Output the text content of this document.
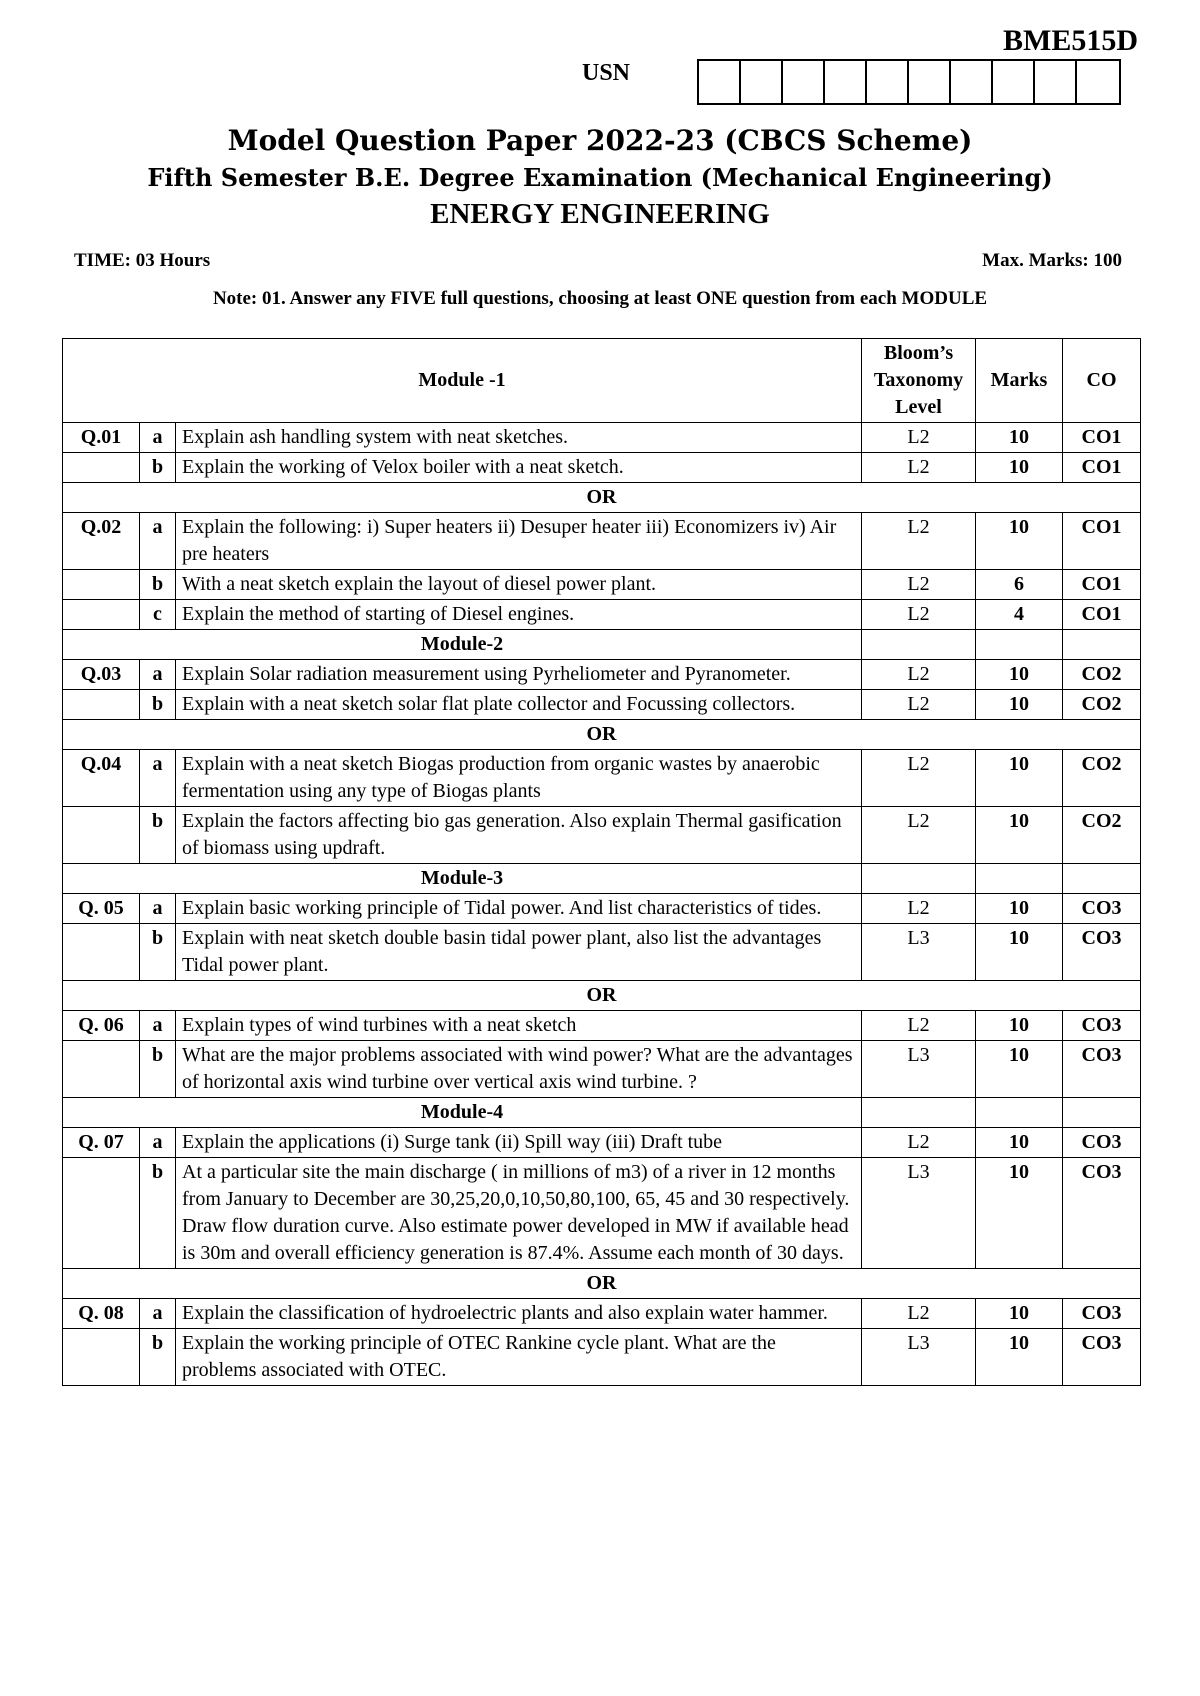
BME515D
USN
Model Question Paper 2022-23 (CBCS Scheme)
Fifth Semester B.E. Degree Examination (Mechanical Engineering)
ENERGY ENGINEERING
TIME: 03 Hours	Max. Marks: 100
Note: 01. Answer any FIVE full questions, choosing at least ONE question from each MODULE
Module -1			Bloom’s Taxonomy Level	Marks	CO
Q.01	a	Explain ash handling system with neat sketches.	L2	10	CO1
	b	Explain the working of Velox boiler with a neat sketch.	L2	10	CO1
OR					
Q.02	a	Explain the following: i) Super heaters ii) Desuper heater iii) Economizers iv) Air pre heaters	L2	10	CO1
	b	With a neat sketch explain the layout of diesel power plant.	L2	6	CO1
	c	Explain the method of starting of Diesel engines.	L2	4	CO1
Module-2					
Q.03	a	Explain Solar radiation measurement using Pyrheliometer and Pyranometer.	L2	10	CO2
	b	Explain with a neat sketch solar flat plate collector and Focussing collectors.	L2	10	CO2
OR					
Q.04	a	Explain with a neat sketch Biogas production from organic wastes by anaerobic fermentation using any type of Biogas plants	L2	10	CO2
	b	Explain the factors affecting bio gas generation. Also explain Thermal gasification of biomass using updraft.	L2	10	CO2
Module-3					
Q. 05	a	Explain basic working principle of Tidal power. And list characteristics of tides.	L2	10	CO3
	b	Explain with neat sketch double basin tidal power plant, also list the advantages Tidal power plant.	L3	10	CO3
OR					
Q. 06	a	Explain types of wind turbines with a neat sketch	L2	10	CO3
	b	What are the major problems associated with wind power? What are the advantages of horizontal axis wind turbine over vertical axis wind turbine. ?	L3	10	CO3
Module-4					
Q. 07	a	Explain the applications (i) Surge tank (ii) Spill way (iii) Draft tube	L2	10	CO3
	b	At a particular site the main discharge ( in millions of m3) of a river in 12 months from January to December are 30,25,20,0,10,50,80,100, 65, 45 and 30 respectively. Draw flow duration curve. Also estimate power developed in MW if available head is 30m and overall efficiency generation is 87.4%. Assume each month of 30 days.	L3	10	CO3
OR					
Q. 08	a	Explain the classification of hydroelectric plants and also explain water hammer.	L2	10	CO3
	b	Explain the working principle of OTEC Rankine cycle plant. What are the problems associated with OTEC.	L3	10	CO3
